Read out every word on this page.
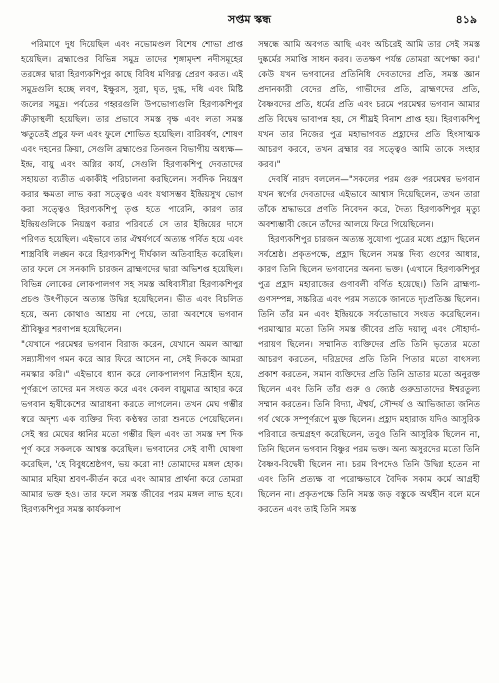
সপ্তম স্কন্ধ	৪১৯

পরিমাণে দুধ দিয়েছিল এবং নভোমণ্ডল বিশেষ শোভা প্রাপ্ত হয়েছিল। ব্রহ্মাণ্ডের বিভিন্ন সমুদ্র তাদের শৃঙ্গামৃদশ নদীসমূহের তরঙ্গের দ্বারা হিরণ্যকশিপুর কাছে বিবিধ মণিরত্ন প্রেরণ করত। এই সমুদ্রগুলি হচ্ছে লবণ, ইক্ষুরস, সুরা, ঘৃত, দুগ্ধ, দধি এবং মিষ্টি জলের সমুদ্র। পর্বতের গহ্বরগুলি উপভোগ্যগুলি হিরণ্যকশিপুর ক্রীড়াস্থলী হয়েছিল। তার প্রভাবে সমস্ত বৃক্ষ এবং লতা সমস্ত ঋতুতেই প্রচুর ফল এবং ফুলে শোভিত হয়েছিল। বারিবর্ষণ, শোষণ এবং দহনের ক্রিয়া, সেগুলি ব্রহ্মাণ্ডের তিনজন বিভাগীয় অধ্যক্ষ—ইন্দ্র, বায়ু এবং অগ্নির কার্য, সেগুলি হিরণ্যকশিপু দেবতাদের সহায়তা ব্যতীত একাকীই পরিচালনা করছিলেন। সর্বদিক নিয়ন্ত্রণ করার ক্ষমতা লাভ করা সত্ত্বেও এবং যথাসম্ভব ইন্দ্রিয়সুখ ভোগ করা সত্ত্বেও হিরণ্যকশিপু তৃপ্ত হতে পারেনি, কারণ তার ইন্দ্রিয়গুলিকে নিয়ন্ত্রণ করার পরিবর্তে সে তার ইন্দ্রিয়ের দাসে পরিণত হয়েছিল। এইভাবে তার ঐশ্বর্যগর্বে অত্যন্ত গর্বিত হয়ে এবং শাস্ত্রবিধি লঙ্ঘন করে হিরণ্যকশিপু দীর্ঘকাল অতিবাহিত করেছিল। তার ফলে সে সনকাদি চারজন ব্রাহ্মণদের দ্বারা অভিশপ্ত হয়েছিল। বিভিন্ন লোকের লোকপালগণ সহ সমস্ত অধিবাসীরা হিরণ্যকশিপুর প্রচণ্ড উৎপীড়নে অত্যন্ত উদ্বিগ্ন হয়েছিলেন। ভীত এবং বিচলিত হয়ে, অন্য কোথাও আশ্রয় না পেয়ে, তারা অবশেষে ভগবান শ্রীবিষ্ণুর শরণাপন্ন হয়েছিলেন।

"যেখানে পরমেশ্বর ভগবান বিরাজ করেন, যেখানে অমল আত্মা সন্ন্যাসীগণ গমন করে আর ফিরে আসেন না, সেই দিককে আমরা নমস্কার করি।" এইভাবে ধ্যান করে লোকপালগণ নিদ্রাহীন হয়ে, পূর্ণরূপে তাদের মন সংযত করে এবং কেবল বায়ুমাত্র আহার করে ভগবান হৃষীকেশের আরাধনা করতে লাগলেন। তখন মেঘ গম্ভীর স্বরে অদৃশ্য এক ব্যক্তির দিব্য কণ্ঠস্বর তারা শুনতে পেয়েছিলেন। সেই স্বর মেঘের ধ্বনির মতো গম্ভীর ছিল এবং তা সমস্ত দশ দিক পূর্ণ করে সকলকে আশ্বস্ত করেছিল। ভগবানের সেই বাণী ঘোষণা করেছিল, 'হে বিবুধশ্রেষ্ঠগণ, ভয় করো না! তোমাদের মঙ্গল হোক। আমার মহিমা শ্রবণ-কীর্তন করে এবং আমার প্রার্থনা করে তোমরা আমার ভক্ত হও। তার ফলে সমস্ত জীবের পরম মঙ্গল লাভ হবে। হিরণ্যকশিপুর সমস্ত কার্যকলাপ

সম্বন্ধে আমি অবগত আছি এবং অচিরেই আমি তার সেই সমস্ত দুষ্কর্মের সমাপ্তি সাধন করব। ততক্ষণ পর্যন্ত তোমরা অপেক্ষা কর।' কেউ যখন ভগবানের প্রতিনিধি দেবতাদের প্রতি, সমস্ত জ্ঞান প্রদানকারী বেদের প্রতি, গাভীদের প্রতি, ব্রাহ্মণদের প্রতি, বৈষ্ণবদের প্রতি, ধর্মের প্রতি এবং চরমে পরমেশ্বর ভগবান আমার প্রতি বিদ্বেষ ভাবাপন্ন হয়, সে শীঘ্রই বিনাশ প্রাপ্ত হয়। হিরণ্যকশিপু যখন তার নিজের পুত্র মহাভাগবত প্রহ্লাদের প্রতি হিংসাত্মক আচরণ করবে, তখন ব্রহ্মার বর সত্ত্বেও আমি তাকে সংহার করব।"

দেবর্ষি নারদ বললেন—"সকলের পরম গুরু পরমেশ্বর ভগবান যখন স্বর্গের দেবতাদের এইভাবে আশ্বাস দিয়েছিলেন, তখন তারা তাঁকে শ্রদ্ধাভরে প্রণতি নিবেদন করে, দৈত্য হিরণ্যকশিপুর মৃত্যু অবশ্যম্ভাবী জেনে তাঁদের আলয়ে ফিরে গিয়েছিলেন।

হিরণ্যকশিপুর চারজন অত্যন্ত সুযোগ্য পুত্রের মধ্যে প্রহ্লাদ ছিলেন সর্বশ্রেষ্ঠ। প্রকৃতপক্ষে, প্রহ্লাদ ছিলেন সমস্ত দিব্য গুণের আধার, কারণ তিনি ছিলেন ভগবানের অনন্য ভক্ত। (এখানে হিরণ্যকশিপুর পুত্র প্রহ্লাদ মহারাজের গুণাবলী বর্ণিত হয়েছে।) তিনি ব্রাহ্মণ্য-গুণসম্পন্ন, সচ্চরিত্র এবং পরম সত্যকে জানতে দৃঢ়প্রতিজ্ঞ ছিলেন। তিনি তাঁর মন এবং ইন্দ্রিয়কে সর্বতোভাবে সংযত করেছিলেন। পরমাত্মার মতো তিনি সমস্ত জীবের প্রতি দয়ালু এবং সৌহার্দ্য-পরায়ণ ছিলেন। সম্মানিত ব্যক্তিদের প্রতি তিনি ভৃত্যের মতো আচরণ করতেন, দরিদ্রদের প্রতি তিনি পিতার মতো বাৎসল্য প্রকাশ করতেন, সমান ব্যক্তিদের প্রতি তিনি ভ্রাতার মতো অনুরক্ত ছিলেন এবং তিনি তাঁর গুরু ও জ্যেষ্ঠ গুরুভ্রাতাদের ঈশ্বরতুল্য সম্মান করতেন। তিনি বিদ্যা, ঐশ্বর্য, সৌন্দর্য ও আভিজাত্য জনিত গর্ব থেকে সম্পূর্ণরূপে মুক্ত ছিলেন। প্রহ্লাদ মহারাজ যদিও আসুরিক পরিবারে জন্মগ্রহণ করেছিলেন, তবুও তিনি আসুরিক ছিলেন না, তিনি ছিলেন ভগবান বিষ্ণুর পরম ভক্ত। অন্য অসুরদের মতো তিনি বৈষ্ণব-বিদ্বেষী ছিলেন না। চরম বিপদেও তিনি উদ্বিগ্ন হতেন না এবং তিনি প্রত্যক্ষ বা পরোক্ষভাবে বৈদিক সকাম কর্মে আগ্রহী ছিলেন না। প্রকৃতপক্ষে তিনি সমস্ত জড় বস্তুকে অর্থহীন বলে মনে করতেন এবং তাই তিনি সমস্ত
